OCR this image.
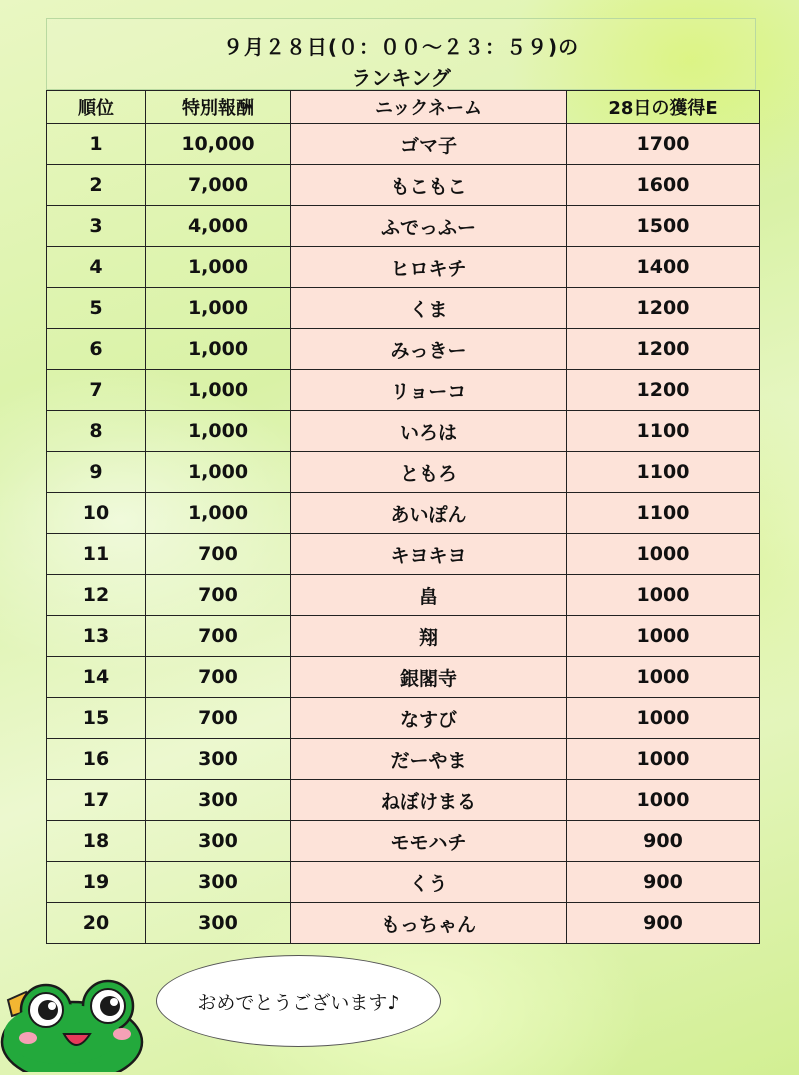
９月２８日(０：００～２３：５９)の
ランキング
順位	特別報酬	ニックネーム	28日の獲得E
1	10,000	ゴマ子	1700
2	7,000	もこもこ	1600
3	4,000	ふでっふー	1500
4	1,000	ヒロキチ	1400
5	1,000	くま	1200
6	1,000	みっきー	1200
7	1,000	リョーコ	1200
8	1,000	いろは	1100
9	1,000	ともろ	1100
10	1,000	あいぽん	1100
11	700	キヨキヨ	1000
12	700	畠	1000
13	700	翔	1000
14	700	銀閣寺	1000
15	700	なすび	1000
16	300	だーやま	1000
17	300	ねぼけまる	1000
18	300	モモハチ	900
19	300	くう	900
20	300	もっちゃん	900
おめでとうございます♪
